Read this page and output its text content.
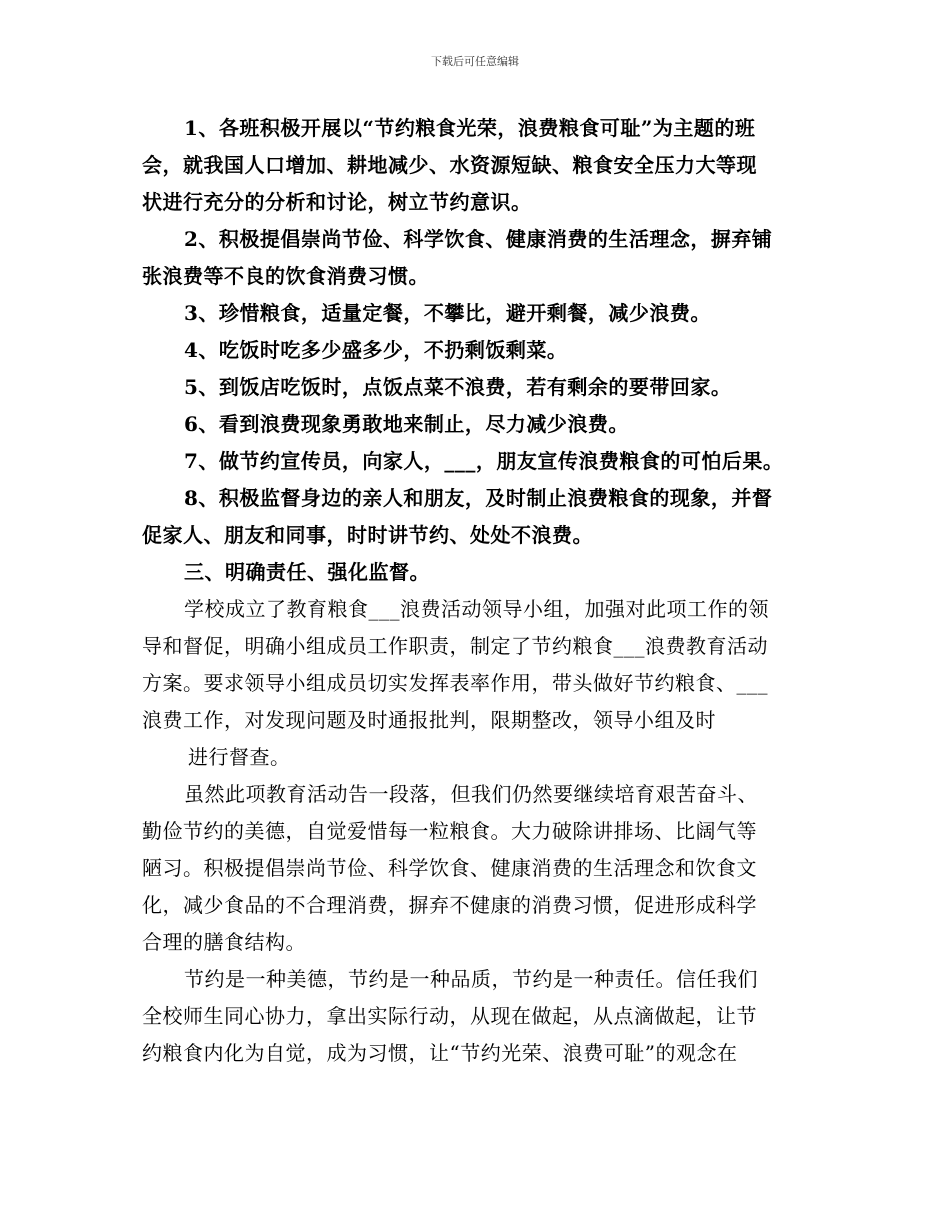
下载后可任意编辑
1、各班积极开展以“节约粮食光荣，浪费粮食可耻”为主题的班
会，就我国人口增加、耕地减少、水资源短缺、粮食安全压力大等现
状进行充分的分析和讨论，树立节约意识。
2、积极提倡崇尚节俭、科学饮食、健康消费的生活理念，摒弃铺
张浪费等不良的饮食消费习惯。
3、珍惜粮食，适量定餐，不攀比，避开剩餐，减少浪费。
4、吃饭时吃多少盛多少，不扔剩饭剩菜。
5、到饭店吃饭时，点饭点菜不浪费，若有剩余的要带回家。
6、看到浪费现象勇敢地来制止，尽力减少浪费。
7、做节约宣传员，向家人，___，朋友宣传浪费粮食的可怕后果。
8、积极监督身边的亲人和朋友，及时制止浪费粮食的现象，并督
促家人、朋友和同事，时时讲节约、处处不浪费。
三、明确责任、强化监督。
学校成立了教育粮食___浪费活动领导小组，加强对此项工作的领
导和督促，明确小组成员工作职责，制定了节约粮食___浪费教育活动
方案。要求领导小组成员切实发挥表率作用，带头做好节约粮食、___
浪费工作，对发现问题及时通报批判，限期整改，领导小组及时
进行督查。
虽然此项教育活动告一段落，但我们仍然要继续培育艰苦奋斗、
勤俭节约的美德，自觉爱惜每一粒粮食。大力破除讲排场、比阔气等
陋习。积极提倡崇尚节俭、科学饮食、健康消费的生活理念和饮食文
化，减少食品的不合理消费，摒弃不健康的消费习惯，促进形成科学
合理的膳食结构。
节约是一种美德，节约是一种品质，节约是一种责任。信任我们
全校师生同心协力，拿出实际行动，从现在做起，从点滴做起，让节
约粮食内化为自觉，成为习惯，让“节约光荣、浪费可耻”的观念在
